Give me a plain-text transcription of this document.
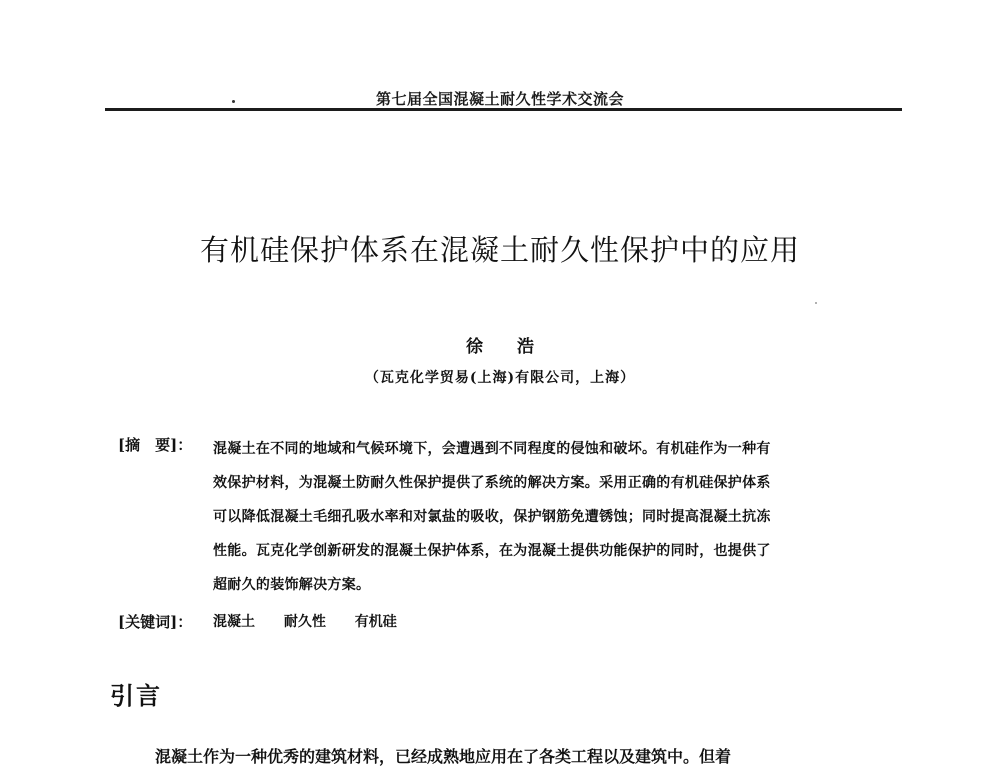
第七届全国混凝土耐久性学术交流会
有机硅保护体系在混凝土耐久性保护中的应用
徐 浩
（瓦克化学贸易(上海)有限公司，上海）
[摘　要]： 混凝土在不同的地域和气候环境下，会遭遇到不同程度的侵蚀和破坏。有机硅作为一种有
效保护材料，为混凝土防耐久性保护提供了系统的解决方案。采用正确的有机硅保护体系
可以降低混凝土毛细孔吸水率和对氯盐的吸收，保护钢筋免遭锈蚀；同时提高混凝土抗冻
性能。瓦克化学创新研发的混凝土保护体系，在为混凝土提供功能保护的同时，也提供了
超耐久的装饰解决方案。
[关键词]： 混凝土 耐久性 有机硅
引言
混凝土作为一种优秀的建筑材料，已经成熟地应用在了各类工程以及建筑中。但着
